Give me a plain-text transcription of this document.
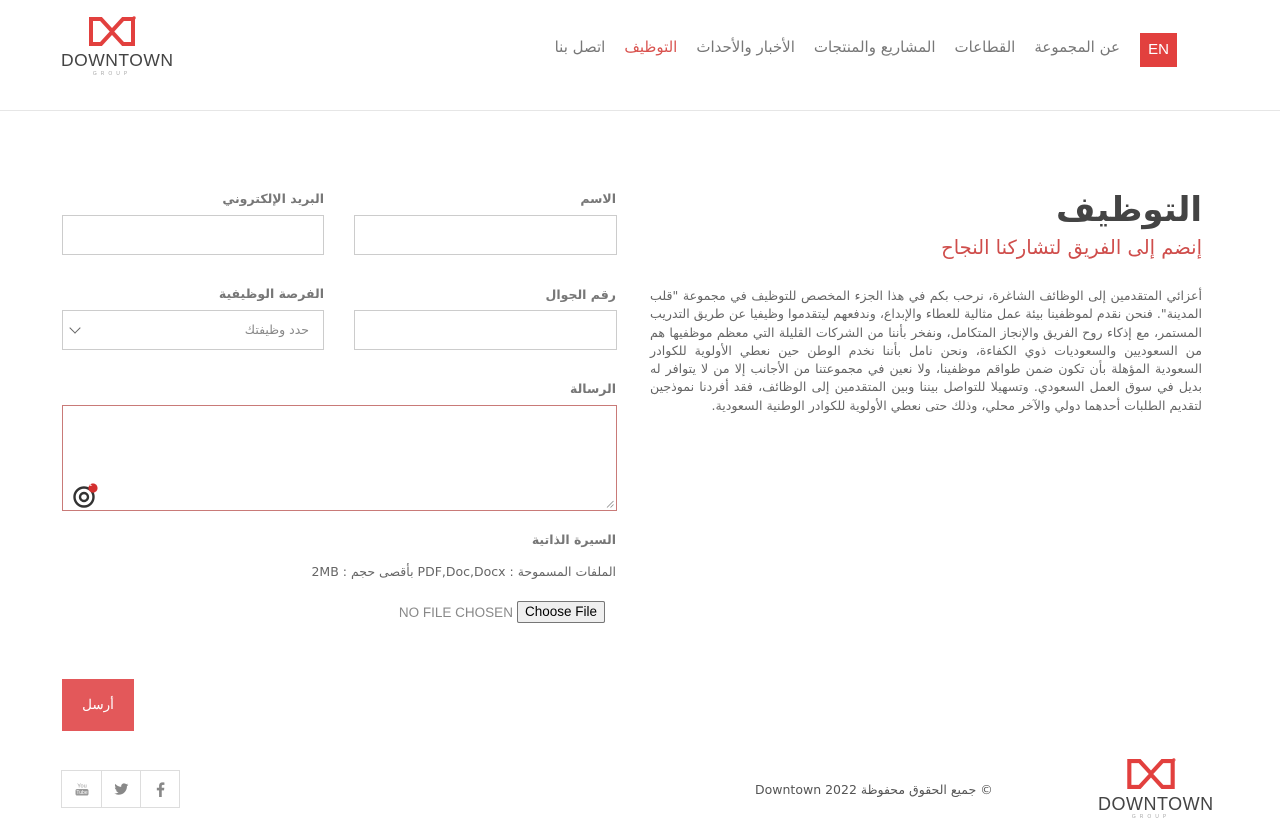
DOWNTOWN
GROUP
عن المجموعة
القطاعات
المشاريع والمنتجات
الأخبار والأحداث
التوظيف
اتصل بنا	EN
التوظيف
إنضم إلى الفريق لتشاركنا النجاح

أعزائي المتقدمين إلى الوظائف الشاغرة، نرحب بكم في هذا الجزء المخصص للتوظيف في مجموعة "قلب المدينة". فنحن نقدم لموظفينا بيئة عمل مثالية للعطاء والإبداع، وندفعهم ليتقدموا وظيفيا عن طريق التدريب المستمر، مع إذكاء روح الفريق والإنجاز المتكامل، ونفخر بأننا من الشركات القليلة التي معظم موظفيها هم من السعوديين والسعوديات ذوي الكفاءة، ونحن نامل بأننا نخدم الوطن حين نعطي الأولوية للكوادر السعودية المؤهلة بأن تكون ضمن طواقم موظفينا، ولا نعين في مجموعتنا من الأجانب إلا من لا يتوافر له بديل في سوق العمل السعودي. وتسهيلا للتواصل بيننا وبين المتقدمين إلى الوظائف، فقد أفردنا نموذجين لتقديم الطلبات أحدهما دولي والآخر محلي، وذلك حتى نعطي الأولوية للكوادر الوطنية السعودية.

الاسم
البريد الإلكتروني
رقم الجوال
الفرصة الوظيفية
حدد وظيفتك
الرسالة
1
السيرة الذاتية
الملفات المسموحة : PDF,Doc,Docx بأقصى حجم : 2MB
NO FILE CHOSEN Choose File
أرسل
You
Tube	© جميع الحقوق محفوظة Downtown 2022
DOWNTOWN
GROUP
